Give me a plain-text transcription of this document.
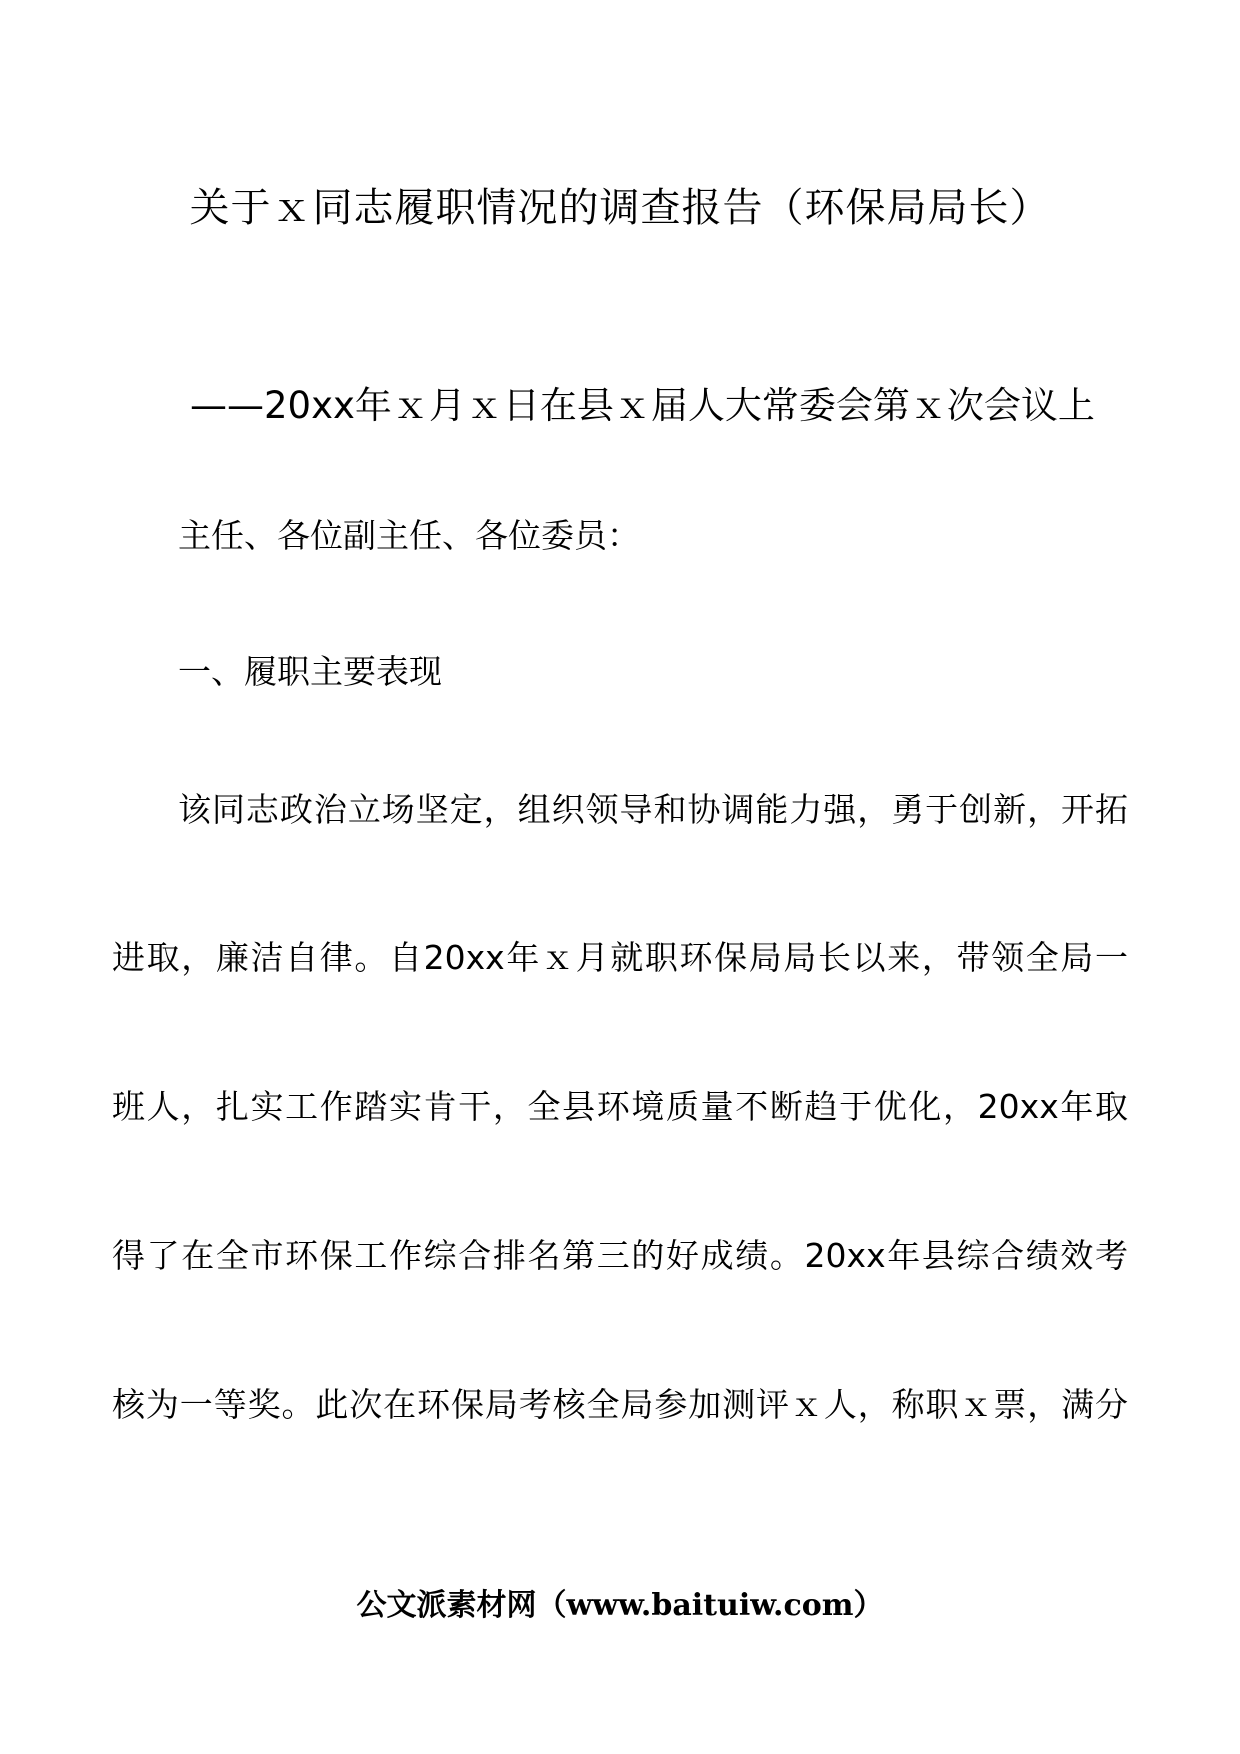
关于ｘ同志履职情况的调查报告（环保局局长）
——20xx年ｘ月ｘ日在县ｘ届人大常委会第ｘ次会议上
主任、各位副主任、各位委员：
一、履职主要表现
该同志政治立场坚定，组织领导和协调能力强，勇于创新，开拓
进取，廉洁自律。自20xx年ｘ月就职环保局局长以来，带领全局一
班人，扎实工作踏实肯干，全县环境质量不断趋于优化，20xx年取
得了在全市环保工作综合排名第三的好成绩。20xx年县综合绩效考
核为一等奖。此次在环保局考核全局参加测评ｘ人，称职ｘ票，满分
公文派素材网（www.baituiw.com）
